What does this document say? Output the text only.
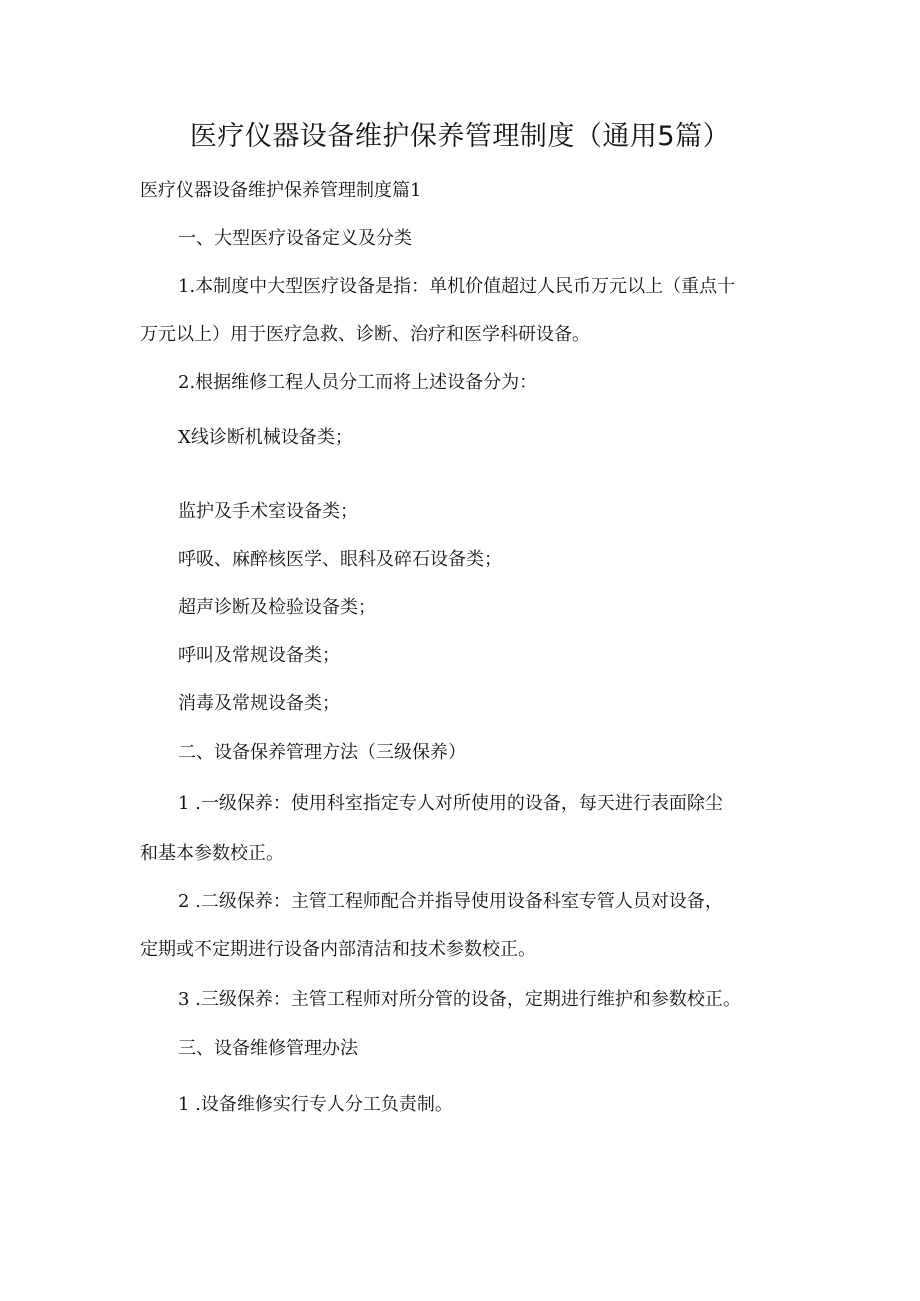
医疗仪器设备维护保养管理制度（通用5篇）
医疗仪器设备维护保养管理制度篇1
一、大型医疗设备定义及分类
1.本制度中大型医疗设备是指：单机价值超过人民币万元以上（重点十
万元以上）用于医疗急救、诊断、治疗和医学科研设备。
2.根据维修工程人员分工而将上述设备分为：
X线诊断机械设备类；
监护及手术室设备类；
呼吸、麻醉核医学、眼科及碎石设备类；
超声诊断及检验设备类；
呼叫及常规设备类；
消毒及常规设备类；
二、设备保养管理方法（三级保养）
1 .一级保养：使用科室指定专人对所使用的设备，每天进行表面除尘
和基本参数校正。
2 .二级保养：主管工程师配合并指导使用设备科室专管人员对设备，
定期或不定期进行设备内部清洁和技术参数校正。
3 .三级保养：主管工程师对所分管的设备，定期进行维护和参数校正。
三、设备维修管理办法
1 .设备维修实行专人分工负责制。
